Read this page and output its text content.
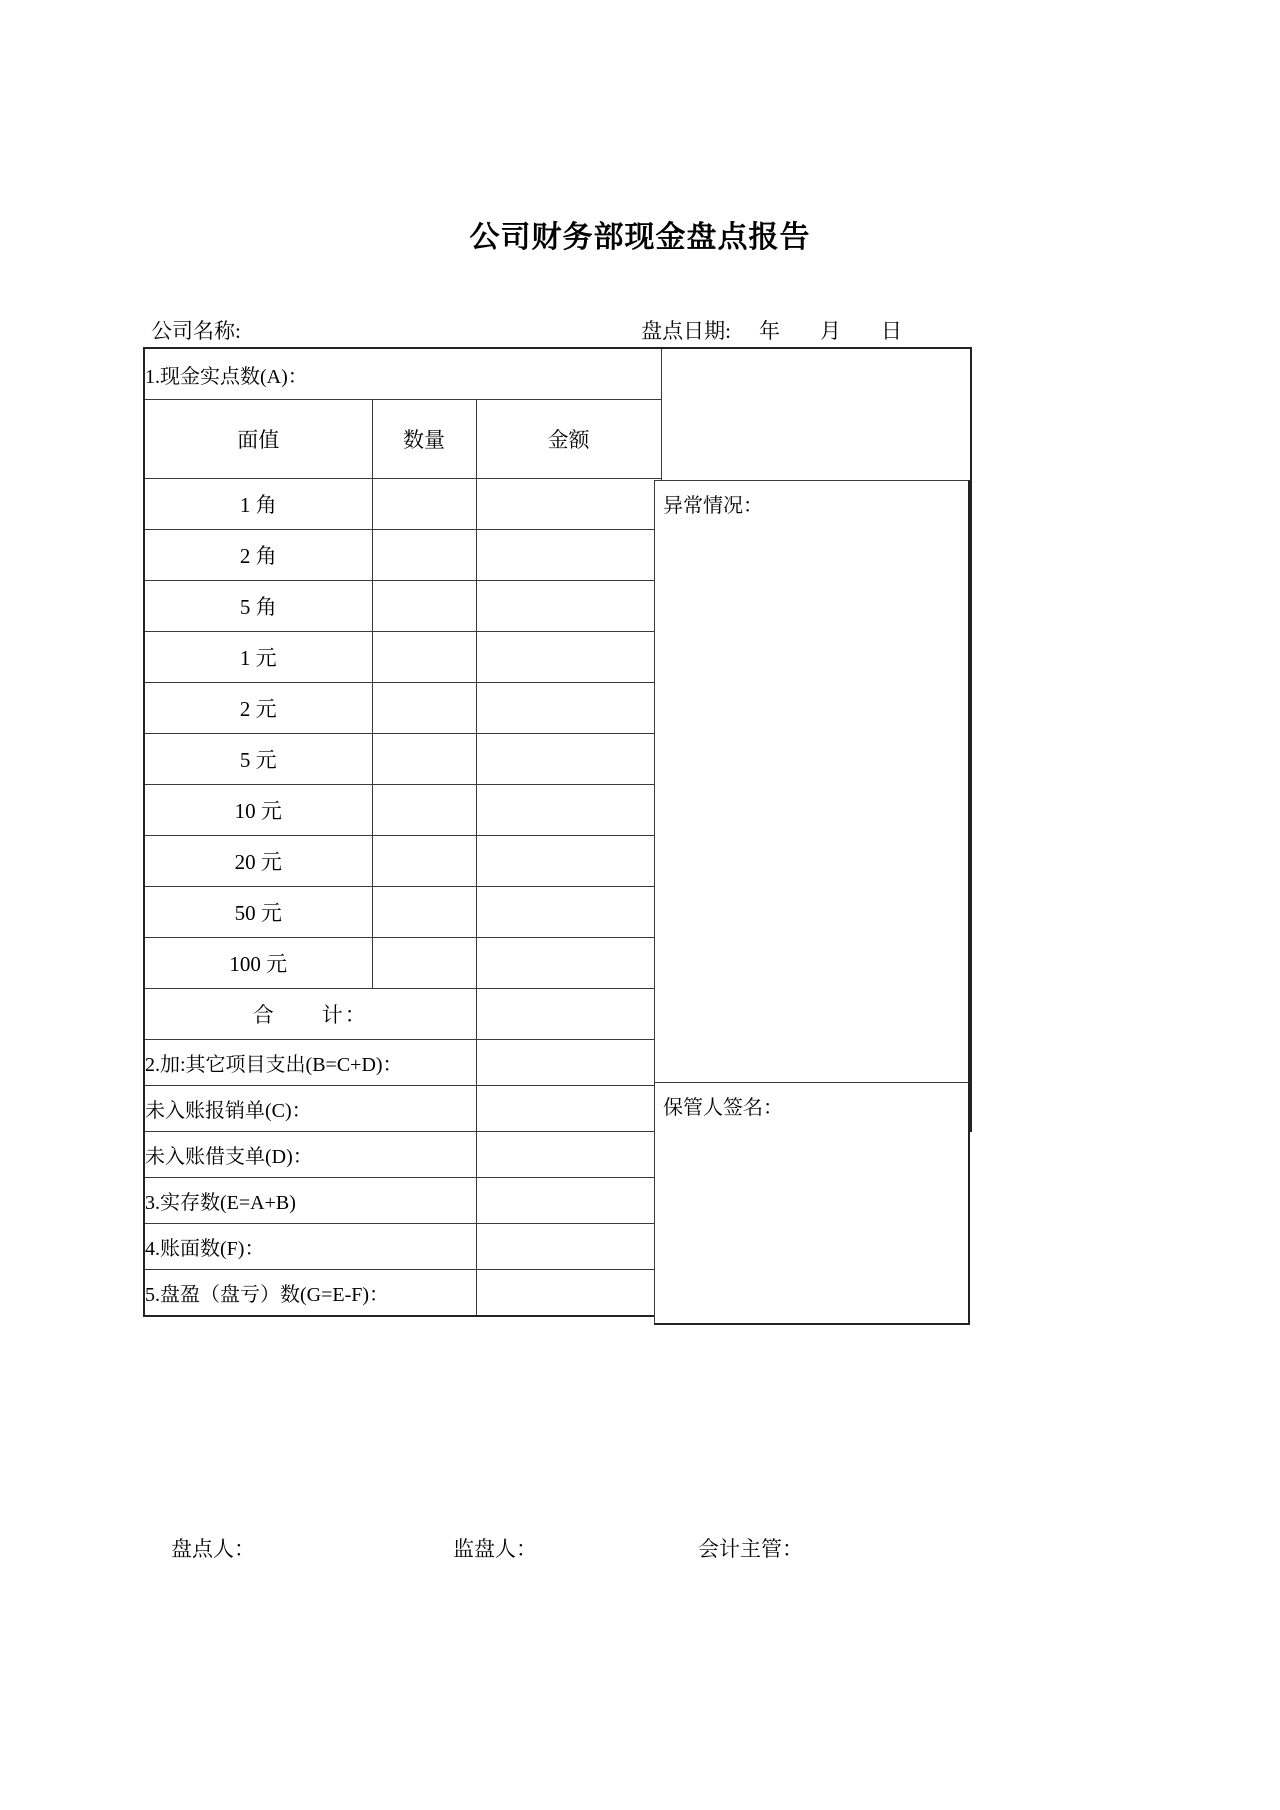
公司财务部现金盘点报告
公司名称:	盘点日期: 年 月 日
1.现金实点数(A)：	

面值	数量	金额	
1 角			
2 角			
5 角			
1 元			
2 元			
5 元			
10 元			
20 元			
50 元			
100 元			
合　　计：			
2.加:其它项目支出(B=C+D)：			
未入账报销单(C)：			
未入账借支单(D)：			
3.实存数(E=A+B)			
4.账面数(F)：			
5.盘盈（盘亏）数(G=E-F)：			
异常情况：
保管人签名：
盘点人：	监盘人：	会计主管：
